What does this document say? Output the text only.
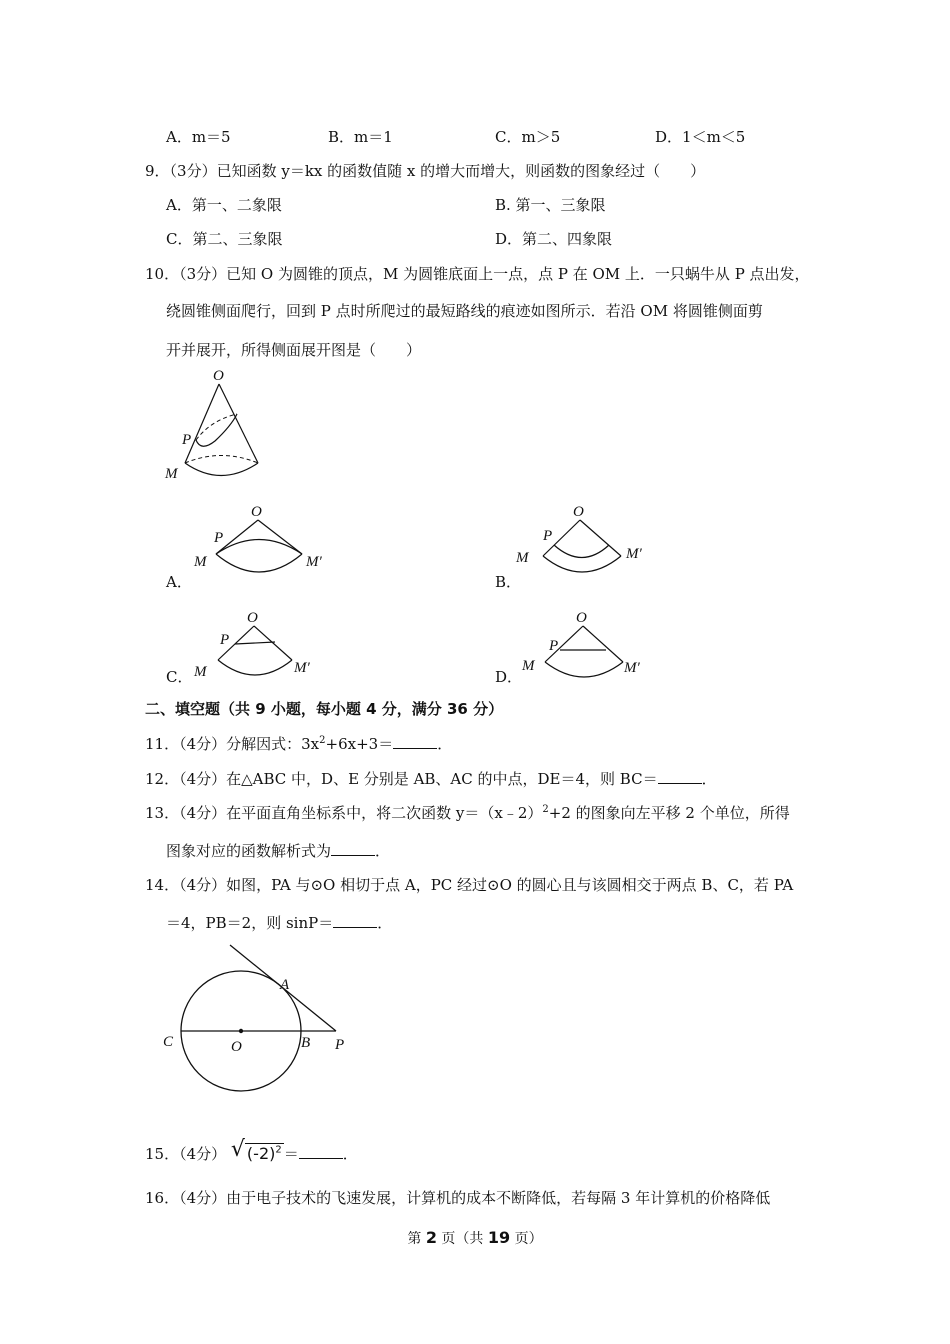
A．m＝5	B．m＝1	C．m＞5	D．1＜m＜5
9．（3分）已知函数 y＝kx 的函数值随 x 的增大而增大，则函数的图象经过（　　）
A．第一、二象限	B. 第一、三象限
C．第二、三象限	D．第二、四象限
10．（3分）已知 O 为圆锥的顶点，M 为圆锥底面上一点，点 P 在 OM 上．一只蜗牛从 P 点出发，
绕圆锥侧面爬行，回到 P 点时所爬过的最短路线的痕迹如图所示．若沿 OM 将圆锥侧面剪
开并展开，所得侧面展开图是（　　）
O
P
M
O
P
M	M′
A．
O
P
M	M′
B．
O
P
M	M′
C．
O
P
M	M′
D．
二、填空题（共 9 小题，每小题 4 分，满分 36 分）
11．（4分）分解因式：$3x^2+6x+3=$	．
12．（4分）在△ABC 中，D、E 分别是 AB、AC 的中点，DE＝4，则 BC＝	．
13．（4分）在平面直角坐标系中，将二次函数 y＝（x﹣2）$^2$+2 的图象向左平移 2 个单位，所得
图象对应的函数解析式为	．
14．（4分）如图，PA 与⊙O 相切于点 A，PC 经过⊙O 的圆心且与该圆相交于两点 B、C，若 PA
＝4，PB＝2，则 sinP＝	．
A
C	O	B P
15．（4分） √ $(-2)^2$ ＝	．
16．（4分）由于电子技术的飞速发展，计算机的成本不断降低，若每隔 3 年计算机的价格降低
第 2 页（共 19 页）
